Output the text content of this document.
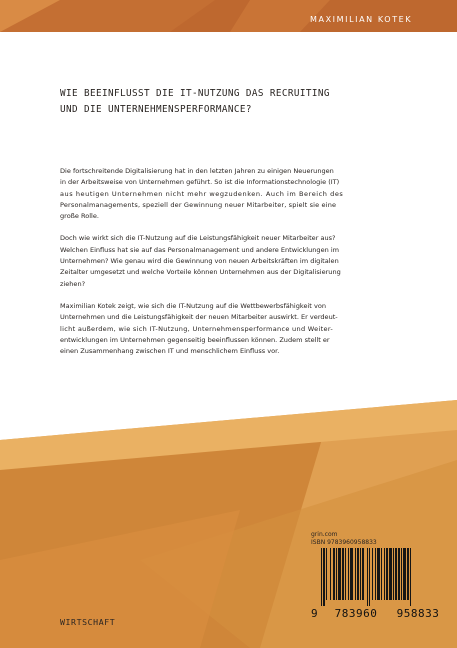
MAXIMILIAN KOTEK
WIE BEEINFLUSST DIE IT-NUTZUNG DAS RECRUITING
UND DIE UNTERNEHMENSPERFORMANCE?

Die fortschreitende Digitalisierung hat in den letzten Jahren zu einigen Neuerungen
in der Arbeitsweise von Unternehmen geführt. So ist die Informationstechnologie (IT)
aus heutigen Unternehmen nicht mehr wegzudenken. Auch im Bereich des
Personalmanagements, speziell der Gewinnung neuer Mitarbeiter, spielt sie eine
große Rolle.

Doch wie wirkt sich die IT-Nutzung auf die Leistungsfähigkeit neuer Mitarbeiter aus?
Welchen Einfluss hat sie auf das Personalmanagement und andere Entwicklungen im
Unternehmen? Wie genau wird die Gewinnung von neuen Arbeitskräften im digitalen
Zeitalter umgesetzt und welche Vorteile können Unternehmen aus der Digitalisierung
ziehen?

Maximilian Kotek zeigt, wie sich die IT-Nutzung auf die Wettbewerbsfähigkeit von
Unternehmen und die Leistungsfähigkeit der neuen Mitarbeiter auswirkt. Er verdeut-
licht außerdem, wie sich IT-Nutzung, Unternehmensperformance und Weiter-
entwicklungen im Unternehmen gegenseitig beeinflussen können. Zudem stellt er
einen Zusammenhang zwischen IT und menschlichem Einfluss vor.

WIRTSCHAFT
grin.com
ISBN 9783960958833
9	783960	958833
